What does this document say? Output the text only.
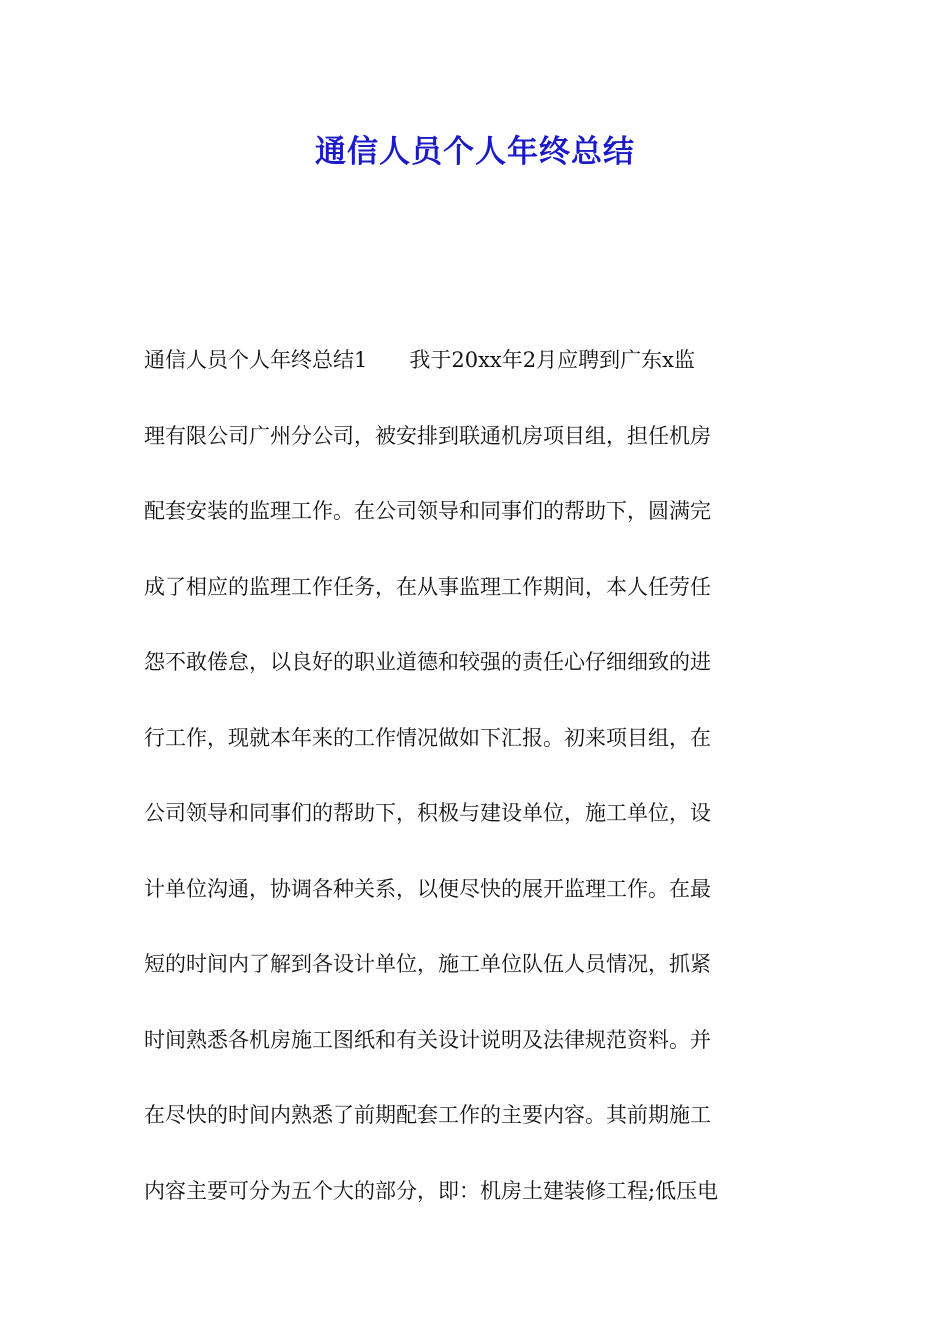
通信人员个人年终总结
通信人员个人年终总结1　　我于20xx年2月应聘到广东x监
理有限公司广州分公司，被安排到联通机房项目组，担任机房
配套安装的监理工作。在公司领导和同事们的帮助下，圆满完
成了相应的监理工作任务，在从事监理工作期间，本人任劳任
怨不敢倦怠，以良好的职业道德和较强的责任心仔细细致的进
行工作，现就本年来的工作情况做如下汇报。初来项目组，在
公司领导和同事们的帮助下，积极与建设单位，施工单位，设
计单位沟通，协调各种关系，以便尽快的展开监理工作。在最
短的时间内了解到各设计单位，施工单位队伍人员情况，抓紧
时间熟悉各机房施工图纸和有关设计说明及法律规范资料。并
在尽快的时间内熟悉了前期配套工作的主要内容。其前期施工
内容主要可分为五个大的部分，即：机房土建装修工程;低压电
